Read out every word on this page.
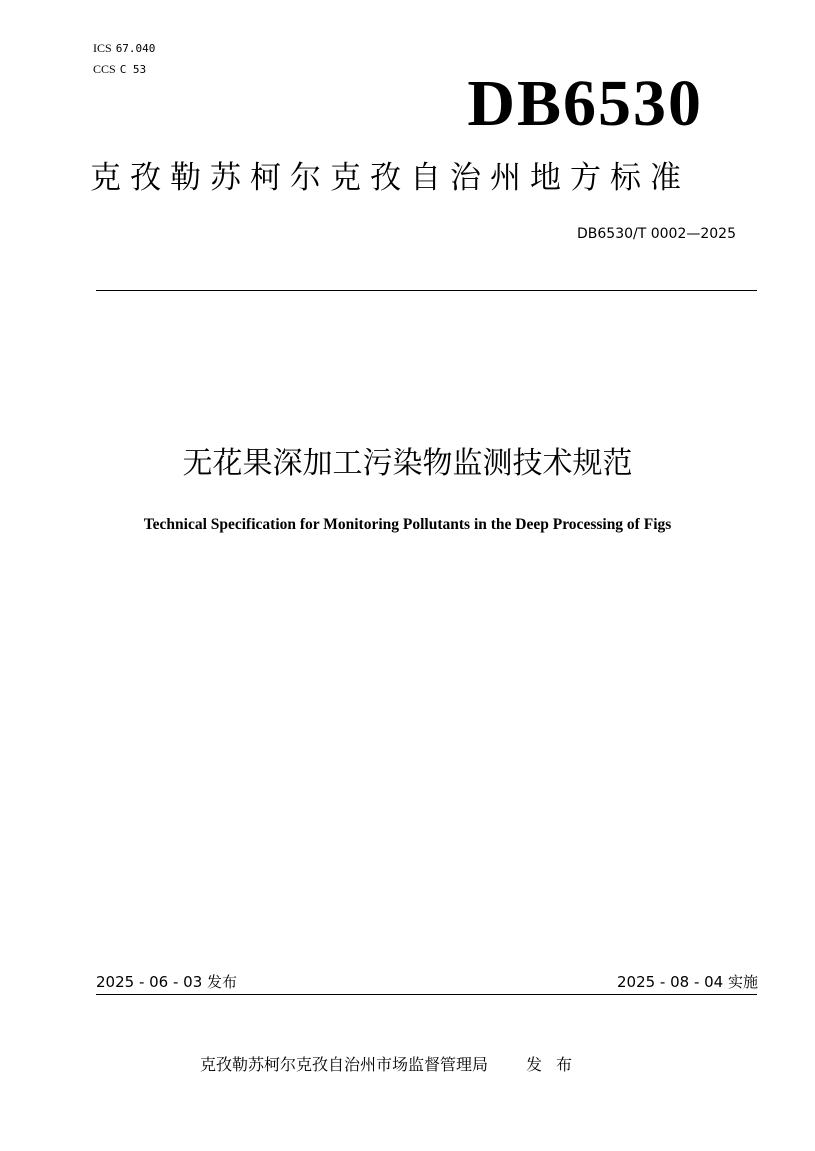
ICS 67.040
CCS C 53	DB6530
克孜勒苏柯尔克孜自治州地方标准
DB6530/T 0002—2025
无花果深加工污染物监测技术规范
Technical Specification for Monitoring Pollutants in the Deep Processing of Figs
2025 - 06 - 03 发布	2025 - 08 - 04 实施
克孜勒苏柯尔克孜自治州市场监督管理局 发布
